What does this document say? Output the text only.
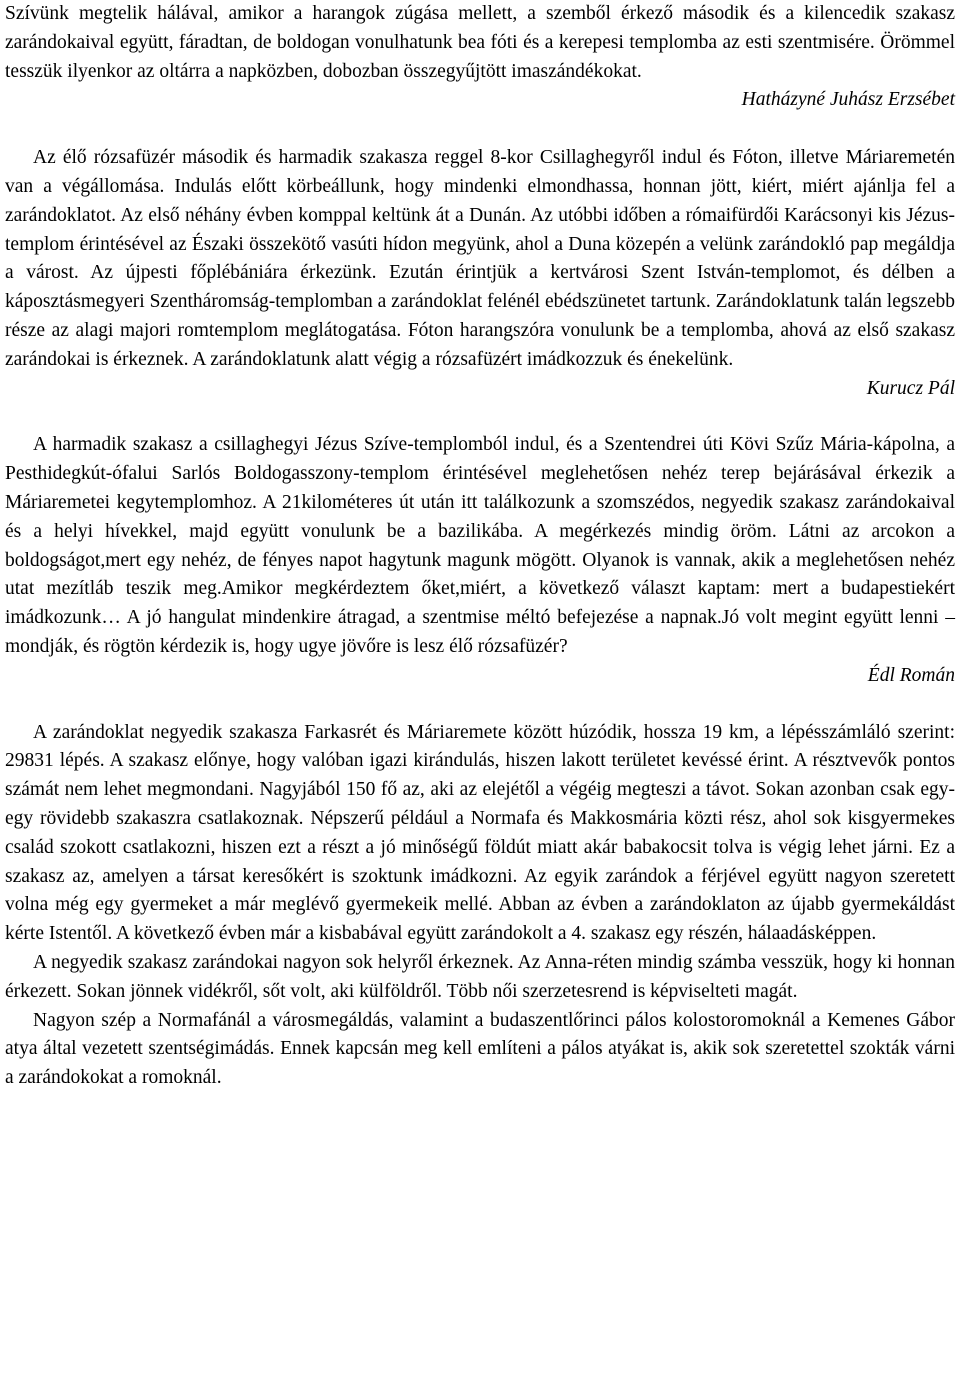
Szívünk megtelik hálával, amikor a harangok zúgása mellett, a szemből érkező második és a kilencedik szakasz zarándokaival együtt, fáradtan, de boldogan vonulhatunk bea fóti és a kerepesi templomba az esti szentmisére. Örömmel tesszük ilyenkor az oltárra a napközben, dobozban összegyűjtött imaszándékokat.

Hatházyné Juhász Erzsébet

Az élő rózsafüzér második és harmadik szakasza reggel 8-kor Csillaghegyről indul és Fóton, illetve Máriaremetén van a végállomása. Indulás előtt körbeállunk, hogy mindenki elmondhassa, honnan jött, kiért, miért ajánlja fel a zarándoklatot. Az első néhány évben komppal keltünk át a Dunán. Az utóbbi időben a rómaifürdői Karácsonyi kis Jézus-templom érintésével az Északi összekötő vasúti hídon megyünk, ahol a Duna közepén a velünk zarándokló pap megáldja a várost. Az újpesti főplébániára érkezünk. Ezután érintjük a kertvárosi Szent István-templomot, és délben a káposztásmegyeri Szentháromság-templomban a zarándoklat felénél ebédszünetet tartunk. Zarándoklatunk talán legszebb része az alagi majori romtemplom meglátogatása. Fóton harangszóra vonulunk be a templomba, ahová az első szakasz zarándokai is érkeznek. A zarándoklatunk alatt végig a rózsafüzért imádkozzuk és énekelünk.

Kurucz Pál

A harmadik szakasz a csillaghegyi Jézus Szíve-templomból indul, és a Szentendrei úti Kövi Szűz Mária-kápolna, a Pesthidegkút-ófalui Sarlós Boldogasszony-templom érintésével meglehetősen nehéz terep bejárásával érkezik a Máriaremetei kegytemplomhoz. A 21kilométeres út után itt találkozunk a szomszédos, negyedik szakasz zarándokaival és a helyi hívekkel, majd együtt vonulunk be a bazilikába. A megérkezés mindig öröm. Látni az arcokon a boldogságot,mert egy nehéz, de fényes napot hagytunk magunk mögött. Olyanok is vannak, akik a meglehetősen nehéz utat mezítláb teszik meg.Amikor megkérdeztem őket,miért, a következő választ kaptam: mert a budapestiekért imádkozunk… A jó hangulat mindenkire átragad, a szentmise méltó befejezése a napnak.Jó volt megint együtt lenni – mondják, és rögtön kérdezik is, hogy ugye jövőre is lesz élő rózsafüzér?

Édl Román

A zarándoklat negyedik szakasza Farkasrét és Máriaremete között húzódik, hossza 19 km, a lépésszámláló szerint: 29831 lépés. A szakasz előnye, hogy valóban igazi kirándulás, hiszen lakott területet kevéssé érint. A résztvevők pontos számát nem lehet megmondani. Nagyjából 150 fő az, aki az elejétől a végéig megteszi a távot. Sokan azonban csak egy-egy rövidebb szakaszra csatlakoznak. Népszerű például a Normafa és Makkosmária közti rész, ahol sok kisgyermekes család szokott csatlakozni, hiszen ezt a részt a jó minőségű földút miatt akár babakocsit tolva is végig lehet járni. Ez a szakasz az, amelyen a társat keresőkért is szoktunk imádkozni. Az egyik zarándok a férjével együtt nagyon szeretett volna még egy gyermeket a már meglévő gyermekeik mellé. Abban az évben a zarándoklaton az újabb gyermekáldást kérte Istentől. A következő évben már a kisbabával együtt zarándokolt a 4. szakasz egy részén, hálaadásképpen.

A negyedik szakasz zarándokai nagyon sok helyről érkeznek. Az Anna-réten mindig számba vesszük, hogy ki honnan érkezett. Sokan jönnek vidékről, sőt volt, aki külföldről. Több női szerzetesrend is képviselteti magát.

Nagyon szép a Normafánál a városmegáldás, valamint a budaszentlőrinci pálos kolostoromoknál a Kemenes Gábor atya által vezetett szentségimádás. Ennek kapcsán meg kell említeni a pálos atyákat is, akik sok szeretettel szokták várni a zarándokokat a romoknál.
